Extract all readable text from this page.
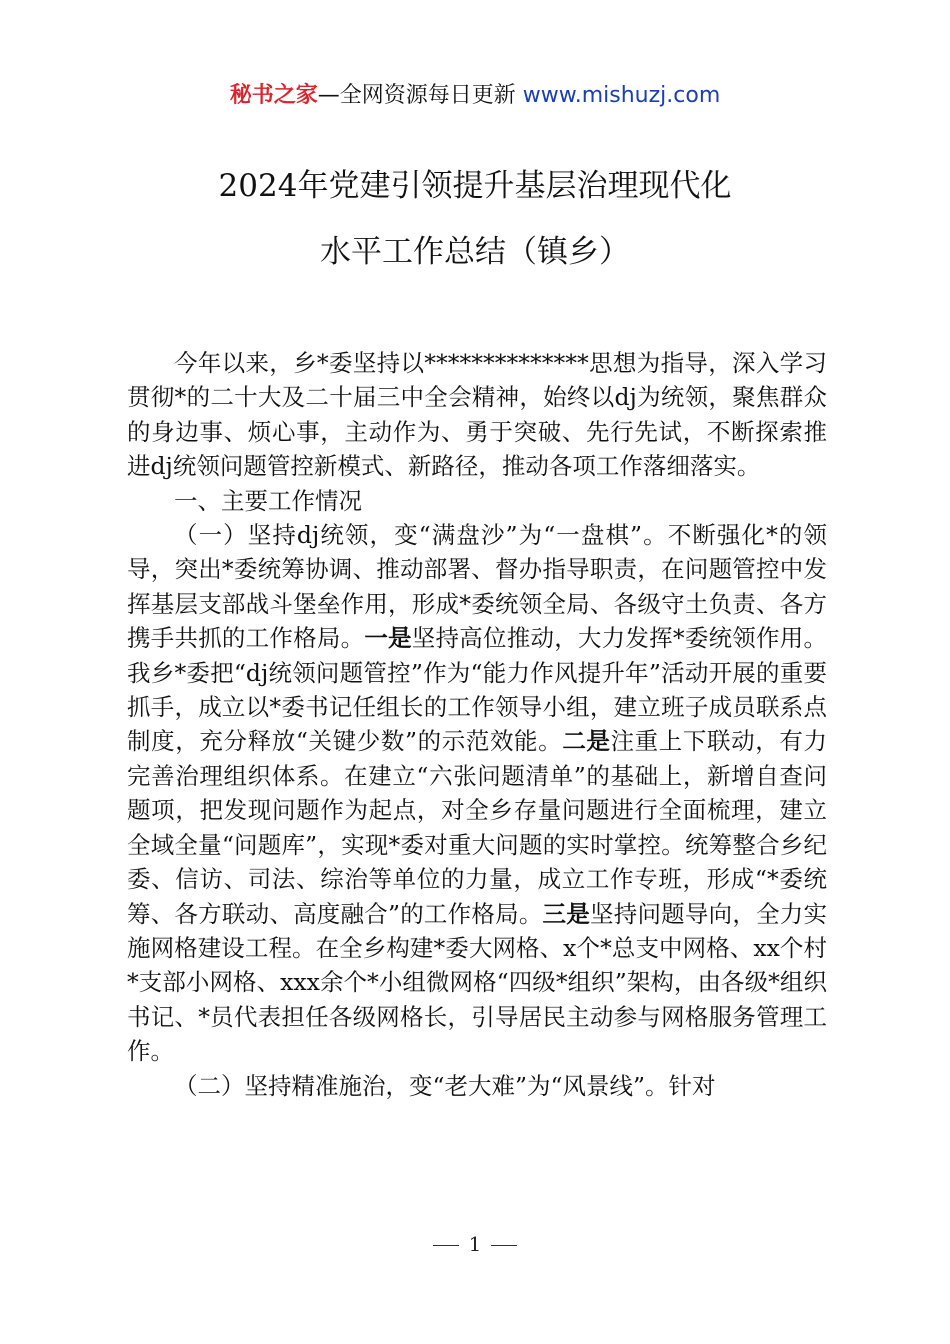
秘书之家—全网资源每日更新 www.mishuzj.com
2024年党建引领提升基层治理现代化
水平工作总结（镇乡）

今年以来，乡*委坚持以**************思想为指导，深入学习贯彻*的二十大及二十届三中全会精神，始终以dj为统领，聚焦群众的身边事、烦心事，主动作为、勇于突破、先行先试，不断探索推进dj统领问题管控新模式、新路径，推动各项工作落细落实。

一、主要工作情况

（一）坚持dj统领，变“满盘沙”为“一盘棋”。不断强化*的领导，突出*委统筹协调、推动部署、督办指导职责，在问题管控中发挥基层支部战斗堡垒作用，形成*委统领全局、各级守土负责、各方携手共抓的工作格局。一是坚持高位推动，大力发挥*委统领作用。我乡*委把“dj统领问题管控”作为“能力作风提升年”活动开展的重要抓手，成立以*委书记任组长的工作领导小组，建立班子成员联系点制度，充分释放“关键少数”的示范效能。二是注重上下联动，有力完善治理组织体系。在建立“六张问题清单”的基础上，新增自查问题项，把发现问题作为起点，对全乡存量问题进行全面梳理，建立全域全量“问题库”，实现*委对重大问题的实时掌控。统筹整合乡纪委、信访、司法、综治等单位的力量，成立工作专班，形成“*委统筹、各方联动、高度融合”的工作格局。三是坚持问题导向，全力实施网格建设工程。在全乡构建*委大网格、x个*总支中网格、xx个村*支部小网格、xxx余个*小组微网格“四级*组织”架构，由各级*组织书记、*员代表担任各级网格长，引导居民主动参与网格服务管理工作。

（二）坚持精准施治，变“老大难”为“风景线”。针对

1
